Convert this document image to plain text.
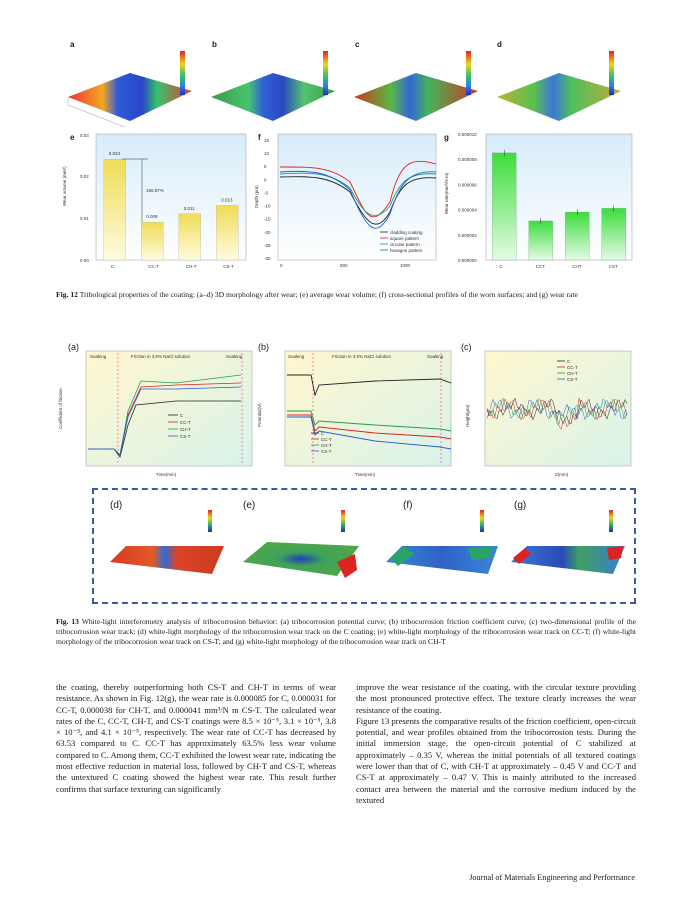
a	b	c	d
e	f	g
Wear volume (mm³)
0.00
0.01
0.02
0.03
0.024
C
0.009
CC-T
0.011
CH-T
0.013
CS-T
166.67%	Depth (μm)
15
10
5
0
-5
-10
-15
-20
-25
-30
0	500	1000
cladding coating
square pattern
circular pattern
hexagon pattern
Wear rate(mm³/N·m)
0.000000
0.000002
0.000004
0.000006
0.000008
0.000010
C	CCT	CHT	CST
Fig. 12 Tribological properties of the coating: (a–d) 3D morphology after wear; (e) average wear volume; (f) cross-sectional profiles of the worn surfaces; and (g) wear rate
(a)	(b)	(c)
Coefficient of friction
Time(min)
Soaking	Friction in 3.5% NaCl solution	Soaking
C
CC-T
CH-T
CS-T
Potential(V)
Time(min)
Soaking	Friction in 3.5% NaCl solution	Soaking
C
CC-T
CH-T
CS-T
Height(μm)
Z(mm)
C
CC-T
CH-T
CS-T
(d)	(e)	(f)	(g)
Fig. 13 White-light interferometry analysis of tribocorrosion behavior: (a) tribocorrosion potential curve; (b) tribocorrosion friction coefficient curve; (c) two-dimensional profile of the tribocorrosion wear track; (d) white-light morphology of the tribocorrosion wear track on the C coating; (e) white-light morphology of the tribocorrosion wear track on CC-T; (f) white-light morphology of the tribocorrosion wear track on CS-T; and (g) white-light morphology of the tribocorrosion wear track on CH-T
the coating, thereby outperforming both CS-T and CH-T in terms of wear resistance. As shown in Fig. 12(g), the wear rate is 0.000085 for C, 0.000031 for CC-T, 0.000038 for CH-T, and 0.000041 mm³/N m CS-T. The calculated wear rates of the C, CC-T, CH-T, and CS-T coatings were 8.5 × 10⁻⁵, 3.1 × 10⁻⁵, 3.8 × 10⁻⁵, and 4.1 × 10⁻⁵, respectively. The wear rate of CC-T has decreased by 63.53 compared to C. CC-T has approximately 63.5% less wear volume compared to C. Among them, CC-T exhibited the lowest wear rate, indicating the most effective reduction in material loss, followed by CH-T and CS-T, whereas the untextured C coating showed the highest wear rate. This result further confirms that surface texturing can significantly
improve the wear resistance of the coating, with the circular texture providing the most pronounced protective effect. The texture clearly increases the wear resistance of the coating.
Figure 13 presents the comparative results of the friction coefficient, open-circuit potential, and wear profiles obtained from the tribocorrosion tests. During the initial immersion stage, the open-circuit potential of C stabilized at approximately – 0.35 V, whereas the initial potentials of all textured coatings were lower than that of C, with CH-T at approximately – 0.45 V and CC-T and CS-T at approximately – 0.47 V. This is mainly attributed to the increased contact area between the material and the corrosive medium induced by the textured
Journal of Materials Engineering and Performance
